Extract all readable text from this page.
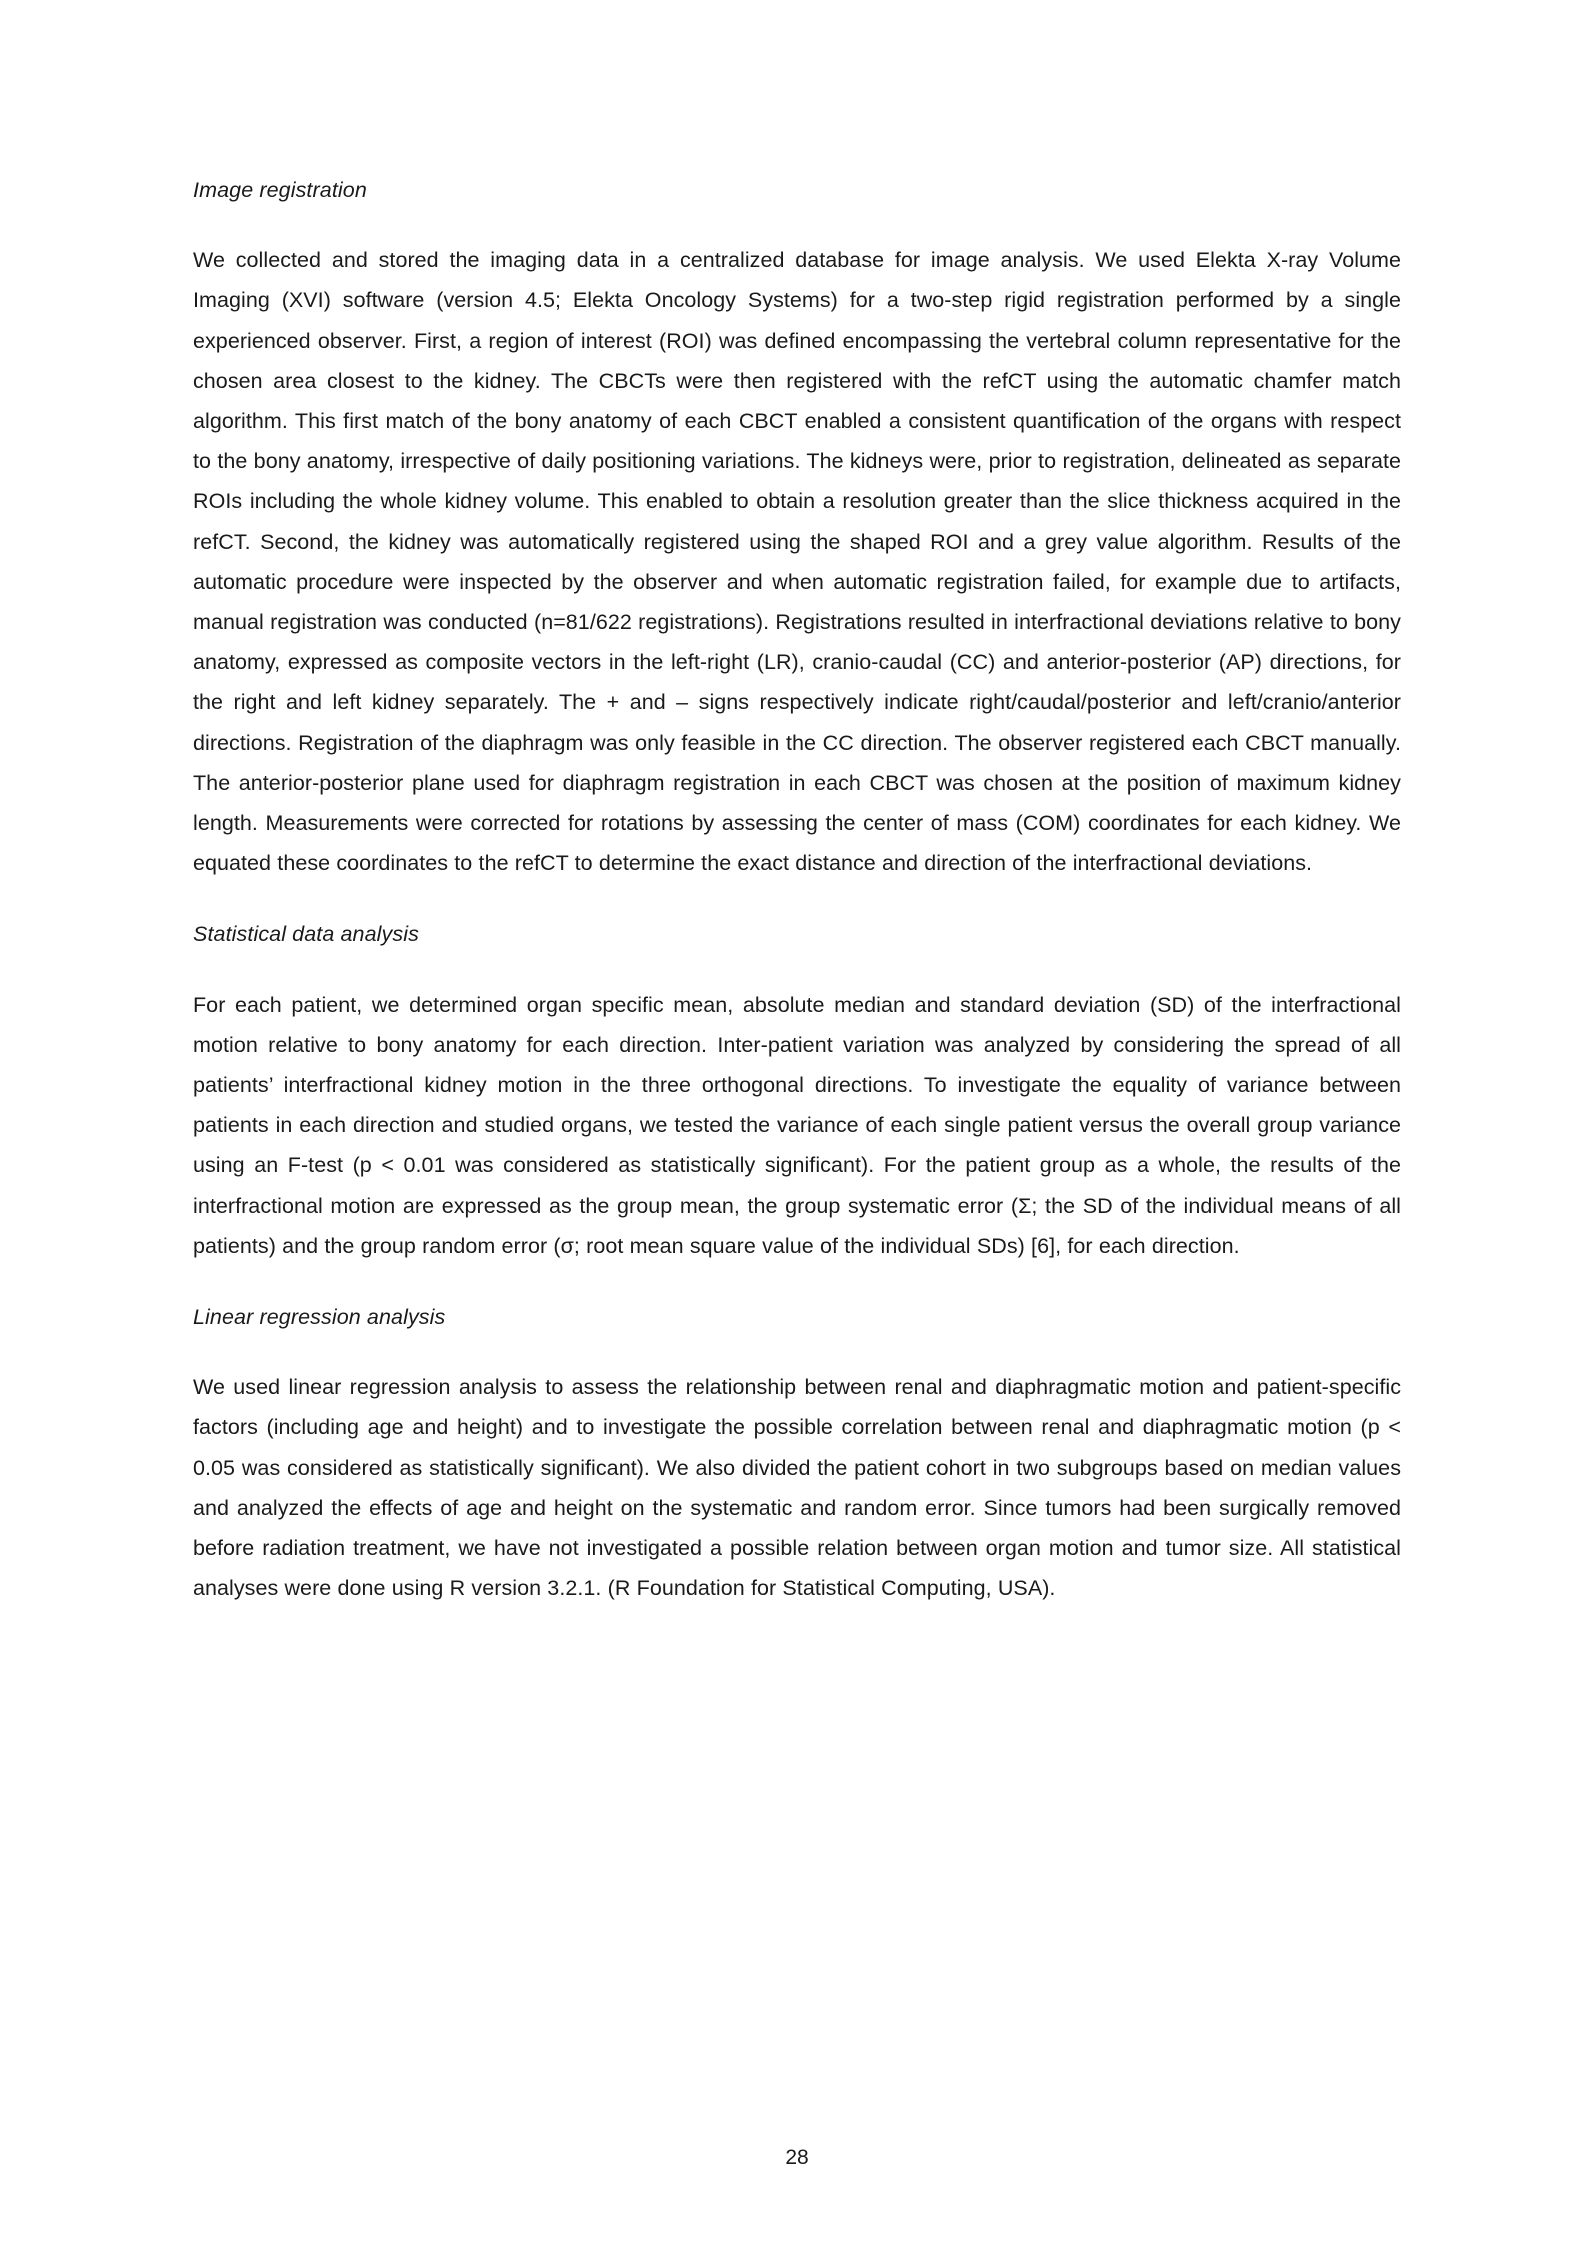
Image registration

We collected and stored the imaging data in a centralized database for image analysis. We used Elekta X-ray Volume Imaging (XVI) software (version 4.5; Elekta Oncology Systems) for a two-step rigid registration performed by a single experienced observer. First, a region of interest (ROI) was defined encompassing the vertebral column representative for the chosen area closest to the kidney. The CBCTs were then registered with the refCT using the automatic chamfer match algorithm. This first match of the bony anatomy of each CBCT enabled a consistent quantification of the organs with respect to the bony anatomy, irrespective of daily positioning variations. The kidneys were, prior to registration, delineated as separate ROIs including the whole kidney volume. This enabled to obtain a resolution greater than the slice thickness acquired in the refCT. Second, the kidney was automatically registered using the shaped ROI and a grey value algorithm. Results of the automatic procedure were inspected by the observer and when automatic registration failed, for example due to artifacts, manual registration was conducted (n=81/622 registrations). Registrations resulted in interfractional deviations relative to bony anatomy, expressed as composite vectors in the left-right (LR), cranio-caudal (CC) and anterior-posterior (AP) directions, for the right and left kidney separately. The + and – signs respectively indicate right/caudal/posterior and left/cranio/anterior directions. Registration of the diaphragm was only feasible in the CC direction. The observer registered each CBCT manually. The anterior-posterior plane used for diaphragm registration in each CBCT was chosen at the position of maximum kidney length. Measurements were corrected for rotations by assessing the center of mass (COM) coordinates for each kidney. We equated these coordinates to the refCT to determine the exact distance and direction of the interfractional deviations.

Statistical data analysis

For each patient, we determined organ specific mean, absolute median and standard deviation (SD) of the interfractional motion relative to bony anatomy for each direction. Inter-patient variation was analyzed by considering the spread of all patients’ interfractional kidney motion in the three orthogonal directions. To investigate the equality of variance between patients in each direction and studied organs, we tested the variance of each single patient versus the overall group variance using an F-test (p < 0.01 was considered as statistically significant). For the patient group as a whole, the results of the interfractional motion are expressed as the group mean, the group systematic error (Σ; the SD of the individual means of all patients) and the group random error (σ; root mean square value of the individual SDs) [6], for each direction.

Linear regression analysis

We used linear regression analysis to assess the relationship between renal and diaphragmatic motion and patient-specific factors (including age and height) and to investigate the possible correlation between renal and diaphragmatic motion (p < 0.05 was considered as statistically significant). We also divided the patient cohort in two subgroups based on median values and analyzed the effects of age and height on the systematic and random error. Since tumors had been surgically removed before radiation treatment, we have not investigated a possible relation between organ motion and tumor size. All statistical analyses were done using R version 3.2.1. (R Foundation for Statistical Computing, USA).

28
